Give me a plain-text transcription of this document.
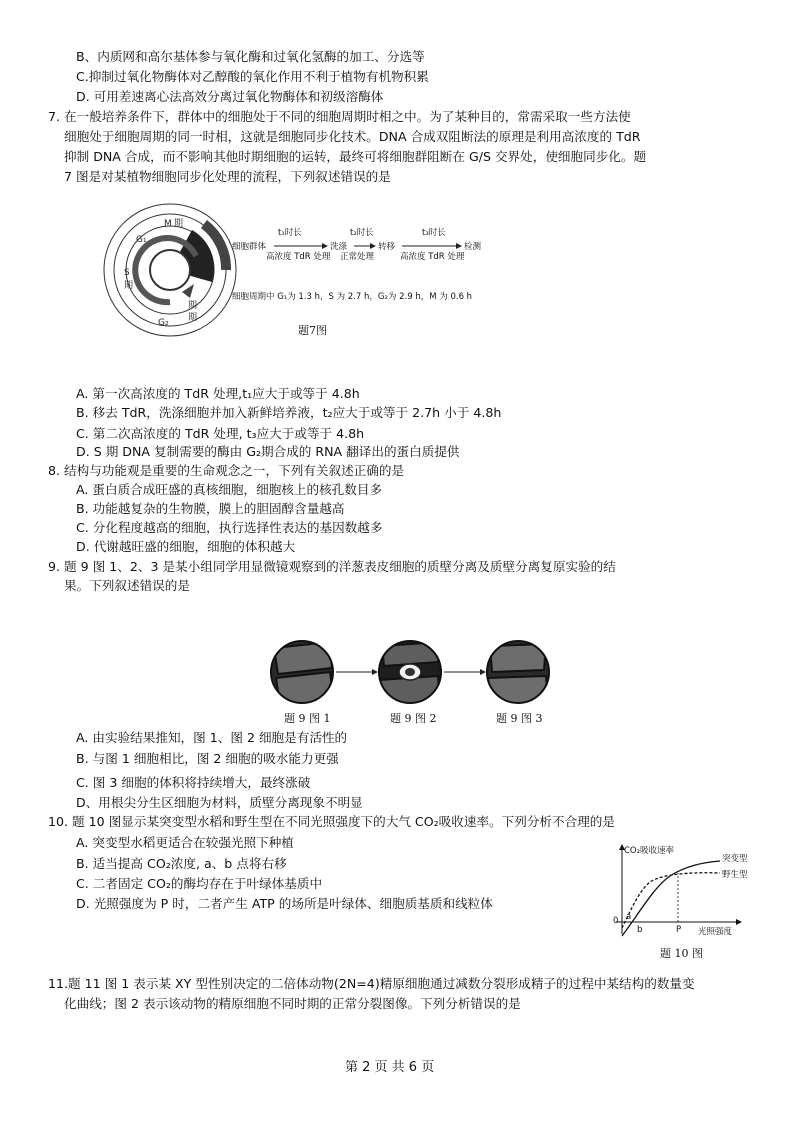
B、内质网和高尔基体参与氧化酶和过氧化氢酶的加工、分选等
C.抑制过氧化物酶体对乙醇酸的氧化作用不利于植物有机物积累
D. 可用差速离心法高效分离过氧化物酶体和初级溶酶体
7. 在一般培养条件下，群体中的细胞处于不同的细胞周期时相之中。为了某种目的，常需采取一些方法使
细胞处于细胞周期的同一时相，这就是细胞同步化技术。DNA 合成双阻断法的原理是利用高浓度的 TdR
抑制 DNA 合成，而不影响其他时期细胞的运转，最终可将细胞群阻断在 G/S 交界处，使细胞同步化。题
7 图是对某植物细胞同步化处理的流程，下列叙述错误的是
G₁
S
G₂
M 期
期
期
期
细胞群体
t₁时长
高浓度 TdR 处理
洗涤
t₂时长
正常处理
转移
t₃时长
高浓度 TdR 处理
检测
细胞周期中 G₁为 1.3 h，S 为 2.7 h，G₂为 2.9 h，M 为 0.6 h
题7图
A. 第一次高浓度的 TdR 处理,t₁应大于或等于 4.8h
B. 移去 TdR，洗涤细胞并加入新鲜培养液，t₂应大于或等于 2.7h 小于 4.8h
C. 第二次高浓度的 TdR 处理, t₃应大于或等于 4.8h
D. S 期 DNA 复制需要的酶由 G₂期合成的 RNA 翻译出的蛋白质提供
8. 结构与功能观是重要的生命观念之一，下列有关叙述正确的是
A. 蛋白质合成旺盛的真核细胞，细胞核上的核孔数目多
B. 功能越复杂的生物膜，膜上的胆固醇含量越高
C. 分化程度越高的细胞，执行选择性表达的基因数越多
D. 代谢越旺盛的细胞，细胞的体积越大
9. 题 9 图 1、2、3 是某小组同学用显微镜观察到的洋葱表皮细胞的质壁分离及质壁分离复原实验的结
果。下列叙述错误的是
题 9 图 1	题 9 图 2	题 9 图 3
A. 由实验结果推知，图 1、图 2 细胞是有活性的
B. 与图 1 细胞相比，图 2 细胞的吸水能力更强
C. 图 3 细胞的体积将持续增大，最终涨破
D、用根尖分生区细胞为材料，质壁分离现象不明显
10. 题 10 图显示某突变型水稻和野生型在不同光照强度下的大气 CO₂吸收速率。下列分析不合理的是
A. 突变型水稻更适合在较强光照下种植
B. 适当提高 CO₂浓度, a、b 点将右移
C. 二者固定 CO₂的酶均存在于叶绿体基质中
D. 光照强度为 P 时，二者产生 ATP 的场所是叶绿体、细胞质基质和线粒体
CO₂吸收速率
突变型
野生型
0 a
b	P 光照强度
题 10 图
11.题 11 图 1 表示某 XY 型性别决定的二倍体动物(2N=4)精原细胞通过减数分裂形成精子的过程中某结构的数量变
化曲线；图 2 表示该动物的精原细胞不同时期的正常分裂图像。下列分析错误的是
第 2 页 共 6 页
